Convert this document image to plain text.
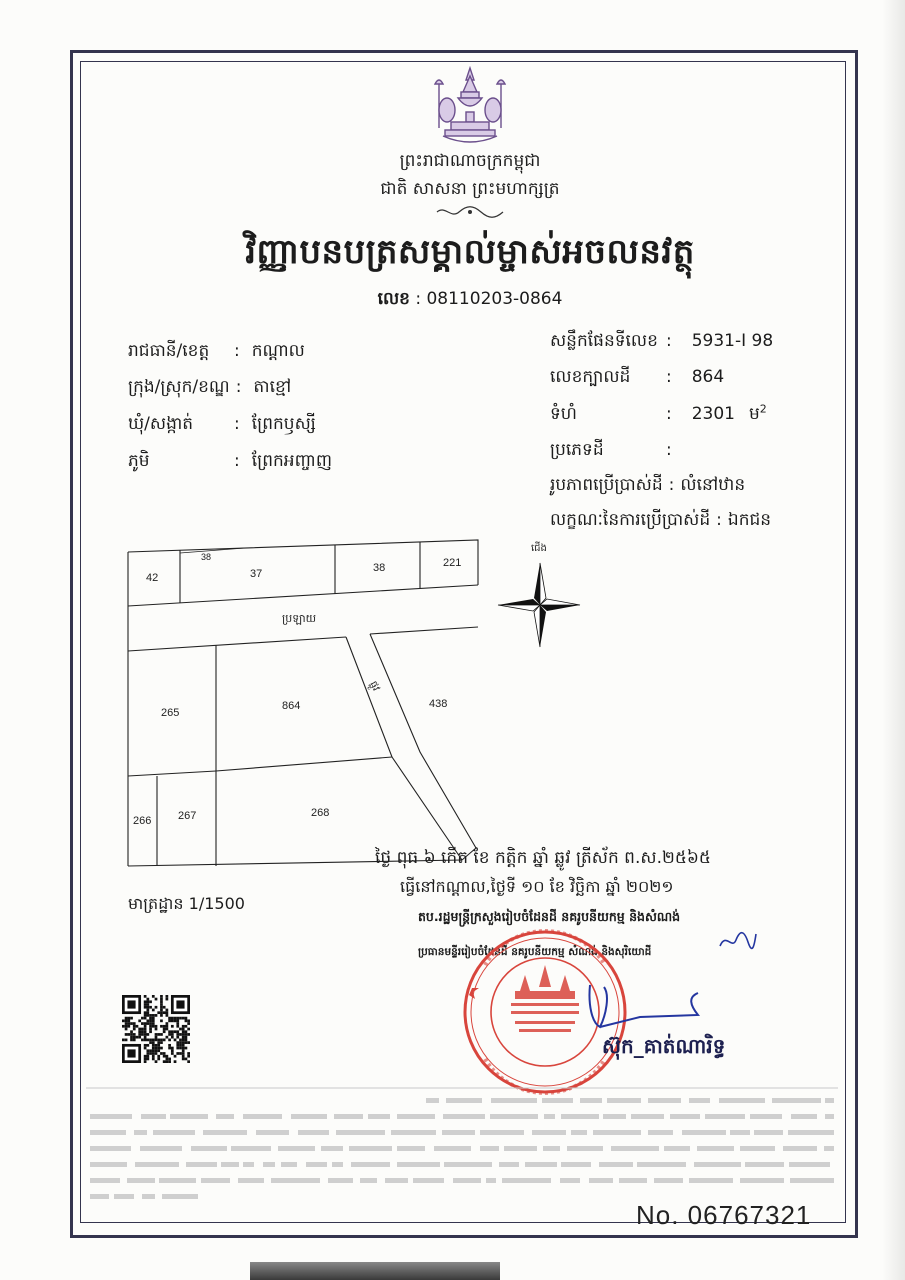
ព្រះរាជាណាចក្រកម្ពុជា
ជាតិ សាសនា ព្រះមហាក្សត្រ
វិញ្ញាបនបត្រសម្គាល់ម្ចាស់អចលនវត្ថុ
លេខ : 08110203-0864
រាជធានី/ខេត្ត : កណ្ដាល
ក្រុង/ស្រុក/ខណ្ឌ : តាខ្មៅ
ឃុំ/សង្កាត់ : ព្រែកឫស្សី
ភូមិ	: ព្រែកអញ្ចាញ
សន្លឹកផែនទីលេខ : 5931-I 98
លេខក្បាលដី : 864
ទំហំ	: 2301 ម$^2$
ប្រភេទដី	:
រូបភាពប្រើប្រាស់ដី : លំនៅឋាន
លក្ខណៈនៃការប្រើប្រាស់ដី : ឯកជន
42
38
37	38	221
ប្រឡាយ
265
864	438
266 267	268
ផ្លូវ
ជើង
មាត្រដ្ឋាន 1/1500
ថ្ងៃ ពុធ ៦ កើត ខែ កត្តិក ឆ្នាំ ឆ្លូវ ត្រីស័ក ព.ស.២៥៦៥
ធ្វើនៅកណ្ដាល,ថ្ងៃទី ១០ ខែ វិច្ឆិកា ឆ្នាំ ២០២១
តប.រដ្ឋមន្ត្រីក្រសួងរៀបចំដែនដី នគរូបនីយកម្ម និងសំណង់
ប្រធានមន្ទីររៀបចំដែនដី នគរូបនីយកម្ម សំណង់ និងសុរិយោដី
ស៊ុក_គាត់ណារិទ្ធ
No. 06767321
